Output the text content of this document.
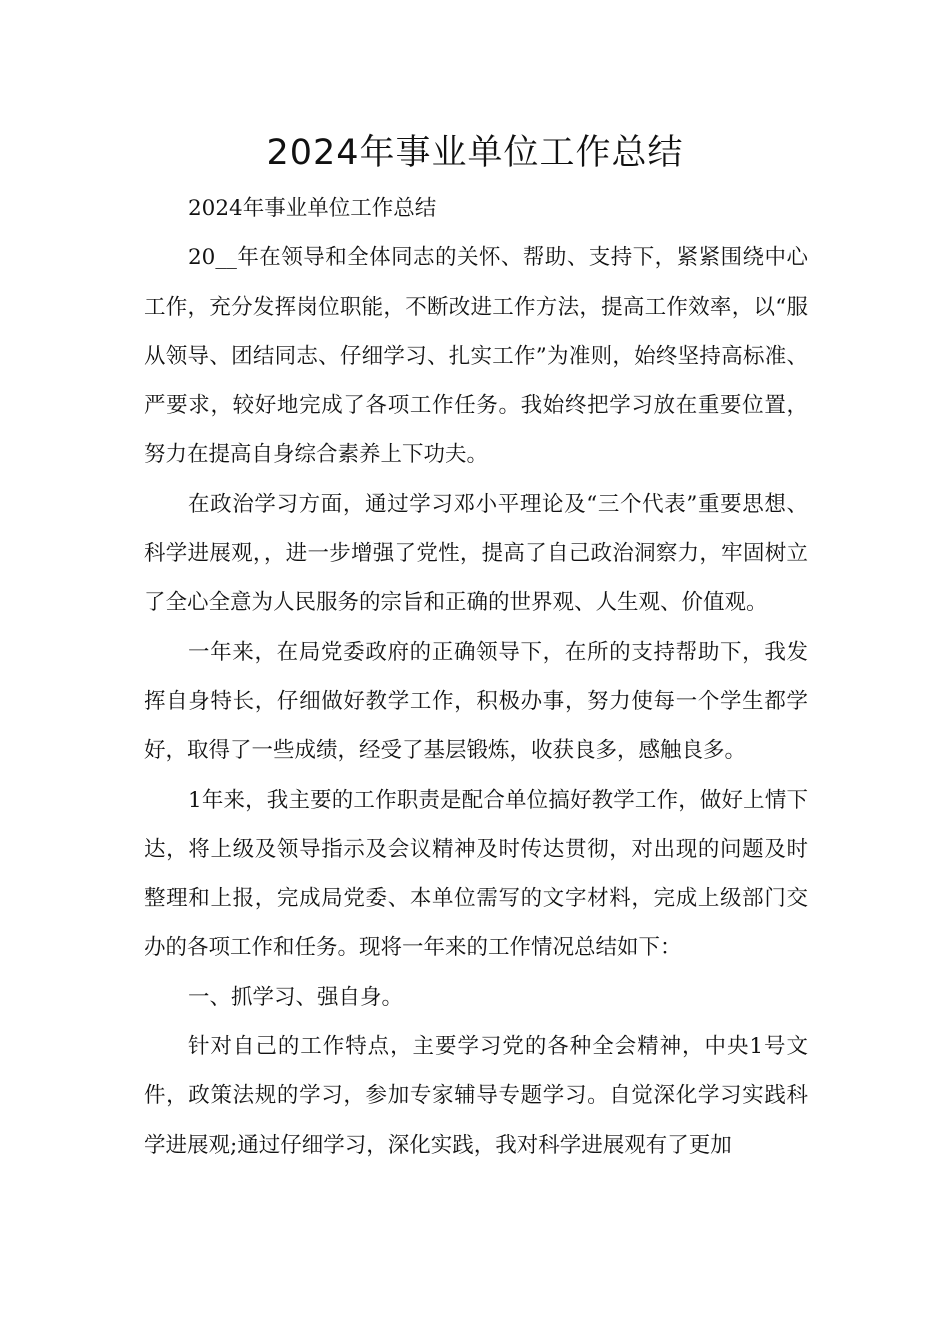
2024年事业单位工作总结

2024年事业单位工作总结

20__年在领导和全体同志的关怀、帮助、支持下，紧紧围绕中心工作，充分发挥岗位职能，不断改进工作方法，提高工作效率，以“服从领导、团结同志、仔细学习、扎实工作”为准则，始终坚持高标准、严要求，较好地完成了各项工作任务。我始终把学习放在重要位置，努力在提高自身综合素养上下功夫。

在政治学习方面，通过学习邓小平理论及“三个代表”重要思想、科学进展观，，进一步增强了党性，提高了自己政治洞察力，牢固树立了全心全意为人民服务的宗旨和正确的世界观、人生观、价值观。

一年来，在局党委政府的正确领导下，在所的支持帮助下，我发挥自身特长，仔细做好教学工作，积极办事，努力使每一个学生都学好，取得了一些成绩，经受了基层锻炼，收获良多，感触良多。

1年来，我主要的工作职责是配合单位搞好教学工作，做好上情下达，将上级及领导指示及会议精神及时传达贯彻，对出现的问题及时整理和上报，完成局党委、本单位需写的文字材料，完成上级部门交办的各项工作和任务。现将一年来的工作情况总结如下：

一、抓学习、强自身。

针对自己的工作特点，主要学习党的各种全会精神，中央1号文件，政策法规的学习，参加专家辅导专题学习。自觉深化学习实践科学进展观;通过仔细学习，深化实践，我对科学进展观有了更加
